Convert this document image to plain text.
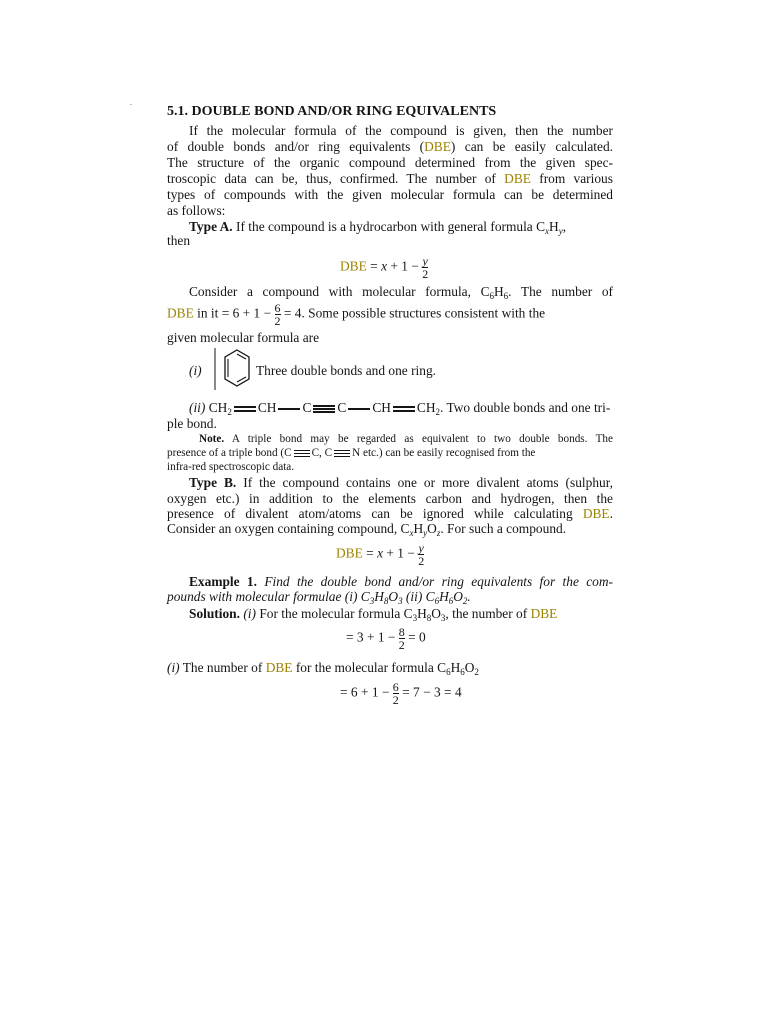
5.1. DOUBLE BOND AND/OR RING EQUIVALENTS
If the molecular formula of the compound is given, then the number
of double bonds and/or ring equivalents (DBE) can be easily calculated.
The structure of the organic compound determined from the given spec-
troscopic data can be, thus, confirmed. The number of DBE from various
types of compounds with the given molecular formula can be determined
as follows:
Type A. If the compound is a hydrocarbon with general formula $C_xH_y$,
then
DBE = $x + 1 - \frac{y}{2}$
Consider a compound with molecular formula, $C_6H_6$. The number of
DBE in it = $6 + 1 - \frac{6}{2} = 4$. Some possible structures consistent with the
given molecular formula are
(i)	Three double bonds and one ring.
(ii) $CH_2$ CH C C CH $CH_2$. Two double bonds and one tri-
ple bond.
Note. A triple bond may be regarded as equivalent to two double bonds. The
presence of a triple bond (C C, C N etc.) can be easily recognised from the
infra-red spectroscopic data.
Type B. If the compound contains one or more divalent atoms (sulphur,
oxygen etc.) in addition to the elements carbon and hydrogen, then the
presence of divalent atom/atoms can be ignored while calculating DBE.
Consider an oxygen containing compound, $C_xH_yO_z$. For such a compound.
DBE = $x + 1 - \frac{y}{2}$
Example 1. Find the double bond and/or ring equivalents for the com-
pounds with molecular formulae (i) $C_3H_8O_3$ (ii) $C_6H_6O_2$.
Solution. (i) For the molecular formula $C_3H_8O_3$, the number of DBE
= $3 + 1 - \frac{8}{2} = 0$
(i) The number of DBE for the molecular formula $C_6H_6O_2$
= $6 + 1 - \frac{6}{2} = 7 - 3 = 4$
